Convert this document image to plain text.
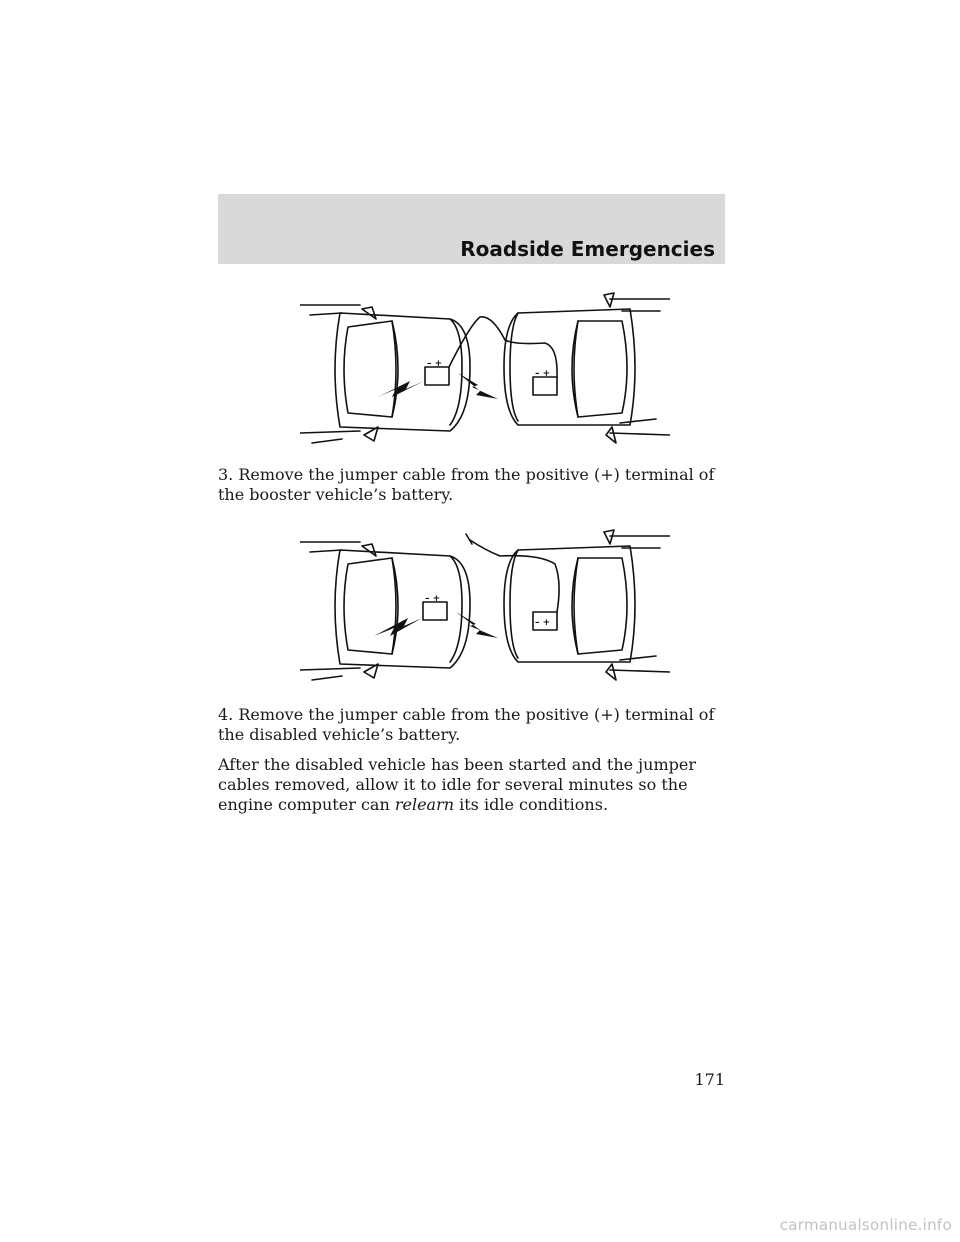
Roadside Emergencies
– +
– +

3. Remove the jumper cable from the positive (+) terminal of the booster vehicle’s battery.

– +
– +

4. Remove the jumper cable from the positive (+) terminal of the disabled vehicle’s battery.

After the disabled vehicle has been started and the jumper cables removed, allow it to idle for several minutes so the engine computer can relearn its idle conditions.

171
carmanualsonline.info
